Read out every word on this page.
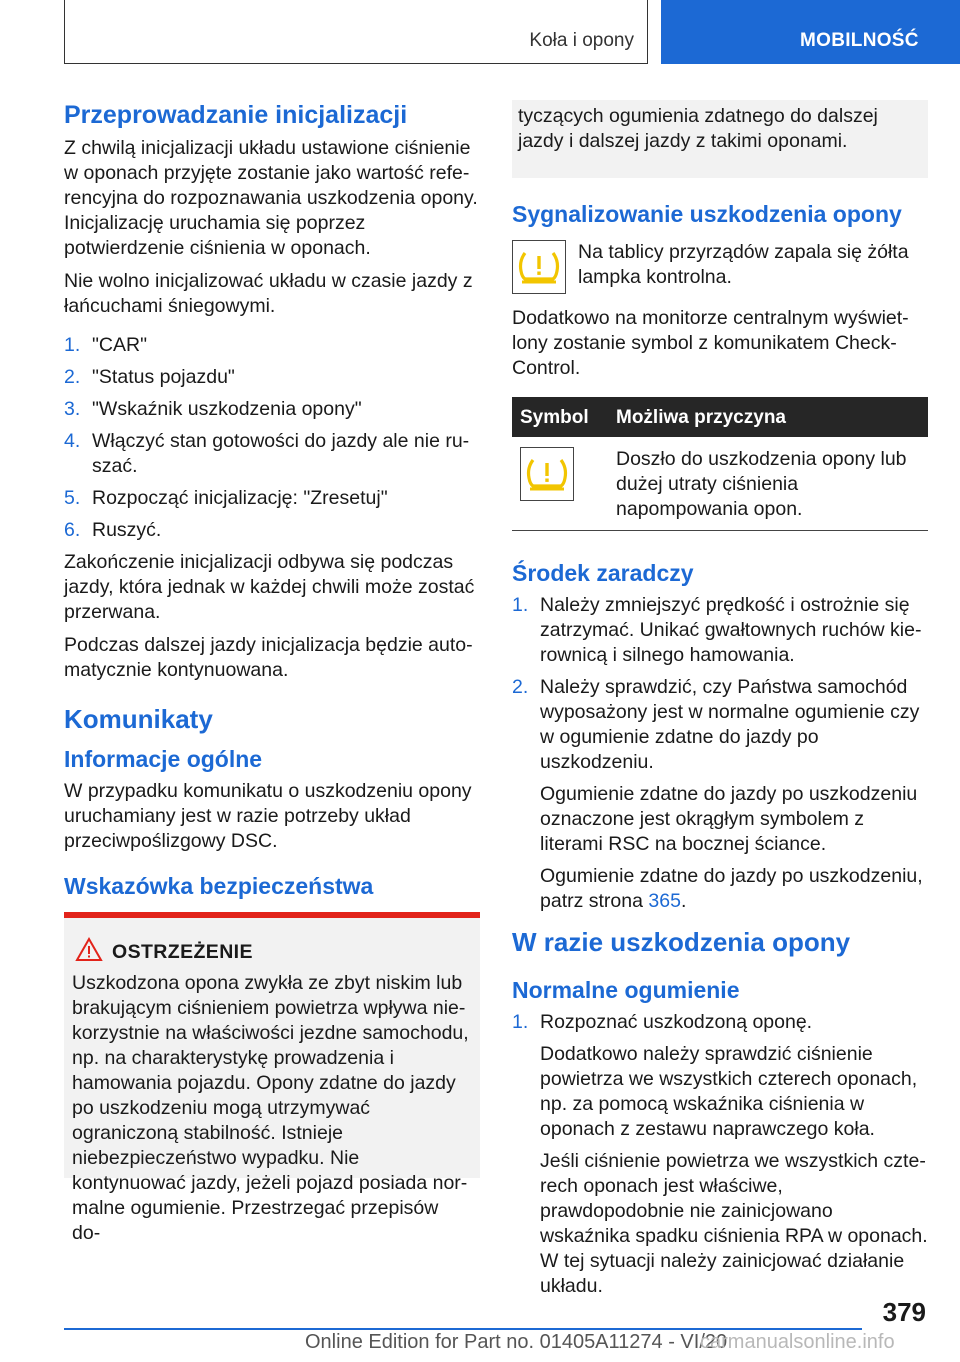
Koła i opony	MOBILNOŚĆ
Przeprowadzanie inicjalizacji

Z chwilą inicjalizacji układu ustawione ciśnienie w oponach przyjęte zostanie jako wartość referencyjna do rozpoznawania uszkodzenia opony. Inicjalizację uruchamia się poprzez potwierdzenie ciśnienia w oponach.

Nie wolno inicjalizować układu w czasie jazdy z łańcuchami śniegowymi.

1. "CAR"
2. "Status pojazdu"
3. "Wskaźnik uszkodzenia opony"
4. Włączyć stan gotowości do jazdy ale nie ruszać.
5. Rozpocząć inicjalizację: "Zresetuj"
6. Ruszyć.

Zakończenie inicjalizacji odbywa się podczas jazdy, która jednak w każdej chwili może zostać przerwana.

Podczas dalszej jazdy inicjalizacja będzie automatycznie kontynuowana.

Komunikaty
Informacje ogólne

W przypadku komunikatu o uszkodzeniu opony uruchamiany jest w razie potrzeby układ przeciwpoślizgowy DSC.

Wskazówka bezpieczeństwa
OSTRZEŻENIE
Uszkodzona opona zwykła ze zbyt niskim lub brakującym ciśnieniem powietrza wpływa niekorzystnie na właściwości jezdne samochodu, np. na charakterystykę prowadzenia i hamowania pojazdu. Opony zdatne do jazdy po uszkodzeniu mogą utrzymywać ograniczoną stabilność. Istnieje niebezpieczeństwo wypadku. Nie kontynuować jazdy, jeżeli pojazd posiada normalne ogumienie. Przestrzegać przepisów do-
tyczących ogumienia zdatnego do dalszej jazdy i dalszej jazdy z takimi oponami.
Sygnalizowanie uszkodzenia opony
Na tablicy przyrządów zapala się żółta lampka kontrolna.

Dodatkowo na monitorze centralnym wyświetlony zostanie symbol z komunikatem Check-Control.

Symbol	Możliwa przyczyna

	Doszło do uszkodzenia opony lub dużej utraty ciśnienia napompowania opon.
Środek zaradczy
1. Należy zmniejszyć prędkość i ostrożnie się zatrzymać. Unikać gwałtownych ruchów kierownicą i silnego hamowania.
2. Należy sprawdzić, czy Państwa samochód wyposażony jest w normalne ogumienie czy w ogumienie zdatne do jazdy po uszkodzeniu.

Ogumienie zdatne do jazdy po uszkodzeniu oznaczone jest okrągłym symbolem z literami RSC na bocznej ściance.

Ogumienie zdatne do jazdy po uszkodzeniu, patrz strona 365.

W razie uszkodzenia opony
Normalne ogumienie
1. Rozpoznać uszkodzoną oponę.

Dodatkowo należy sprawdzić ciśnienie powietrza we wszystkich czterech oponach, np. za pomocą wskaźnika ciśnienia w oponach z zestawu naprawczego koła.

Jeśli ciśnienie powietrza we wszystkich czterech oponach jest właściwe, prawdopodobnie nie zainicjowano wskaźnika spadku ciśnienia RPA w oponach. W tej sytuacji należy zainicjować działanie układu.

379
Online Edition for Part no. 01405A11274 - VI/20
carmanualsonline.info
